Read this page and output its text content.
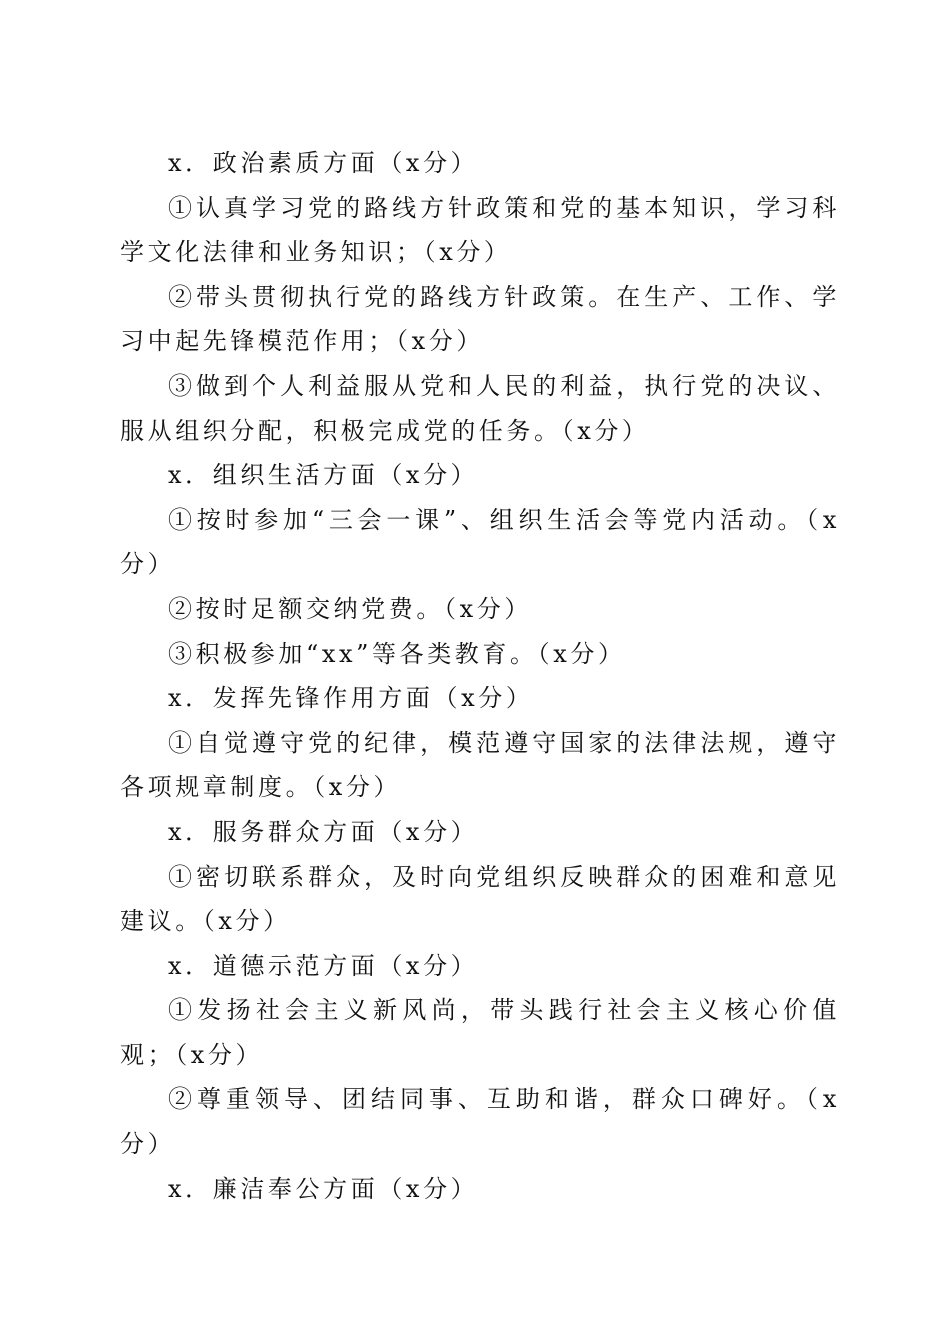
x．政治素质方面（x分）

①认真学习党的路线方针政策和党的基本知识，学习科学文化法律和业务知识；（x分）

②带头贯彻执行党的路线方针政策。在生产、工作、学习中起先锋模范作用；（x分）

③做到个人利益服从党和人民的利益，执行党的决议、服从组织分配，积极完成党的任务。（x分）

x．组织生活方面（x分）

①按时参加“三会一课”、组织生活会等党内活动。（x分）

②按时足额交纳党费。（x分）

③积极参加“xx”等各类教育。（x分）

x．发挥先锋作用方面（x分）

①自觉遵守党的纪律，模范遵守国家的法律法规，遵守各项规章制度。（x分）

x．服务群众方面（x分）

①密切联系群众，及时向党组织反映群众的困难和意见建议。（x分）

x．道德示范方面（x分）

①发扬社会主义新风尚，带头践行社会主义核心价值观；（x分）

②尊重领导、团结同事、互助和谐，群众口碑好。（x分）

x．廉洁奉公方面（x分）
